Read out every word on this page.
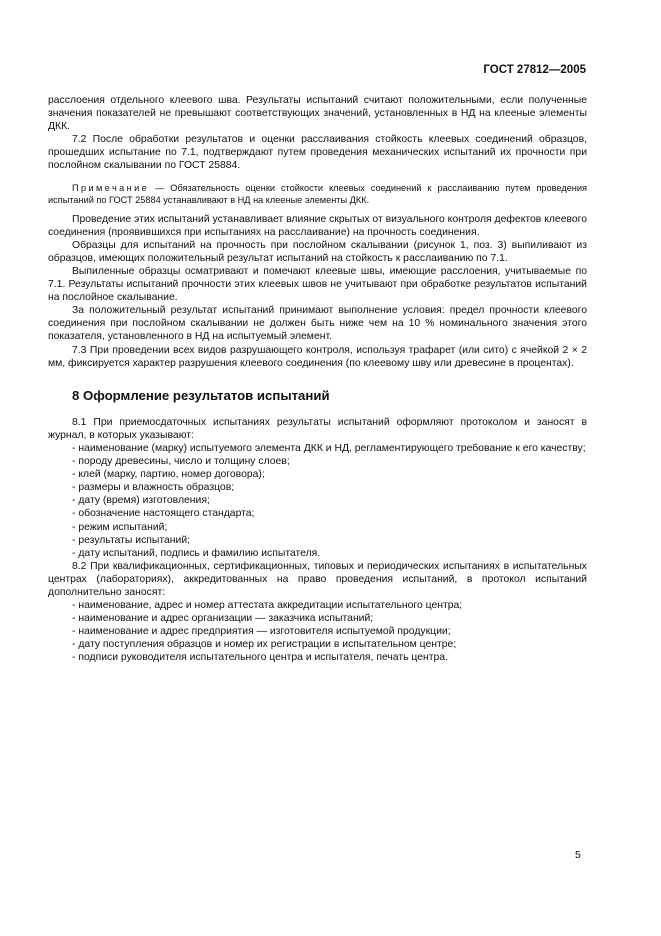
ГОСТ 27812—2005

расслоения отдельного клеевого шва. Результаты испытаний считают положительными, если полученные значения показателей не превышают соответствующих значений, установленных в НД на клееные элементы ДКК.

7.2 После обработки результатов и оценки расслаивания стойкость клеевых соединений образцов, прошедших испытание по 7.1, подтверждают путем проведения механических испытаний их прочности при послойном скалывании по ГОСТ 25884.

Примечание — Обязательность оценки стойкости клеевых соединений к расслаиванию путем проведения испытаний по ГОСТ 25884 устанавливают в НД на клееные элементы ДКК.

Проведение этих испытаний устанавливает влияние скрытых от визуального контроля дефектов клеевого соединения (проявившихся при испытаниях на расслаивание) на прочность соединения.

Образцы для испытаний на прочность при послойном скалывании (рисунок 1, поз. 3) выпиливают из образцов, имеющих положительный результат испытаний на стойкость к расслаиванию по 7.1.

Выпиленные образцы осматривают и помечают клеевые швы, имеющие расслоения, учитываемые по 7.1. Результаты испытаний прочности этих клеевых швов не учитывают при обработке результатов испытаний на послойное скалывание.

За положительный результат испытаний принимают выполнение условия: предел прочности клеевого соединения при послойном скалывании не должен быть ниже чем на 10 % номинального значения этого показателя, установленного в НД на испытуемый элемент.

7.3 При проведении всех видов разрушающего контроля, используя трафарет (или сито) с ячейкой 2 × 2 мм, фиксируется характер разрушения клеевого соединения (по клеевому шву или древесине в процентах).

8 Оформление результатов испытаний

8.1 При приемосдаточных испытаниях результаты испытаний оформляют протоколом и заносят в журнал, в которых указывают:

- наименование (марку) испытуемого элемента ДКК и НД, регламентирующего требование к его качеству;

- породу древесины, число и толщину слоев;

- клей (марку, партию, номер договора);

- размеры и влажность образцов;

- дату (время) изготовления;

- обозначение настоящего стандарта;

- режим испытаний;

- результаты испытаний;

- дату испытаний, подпись и фамилию испытателя.

8.2 При квалификационных, сертификационных, типовых и периодических испытаниях в испытательных центрах (лабораториях), аккредитованных на право проведения испытаний, в протокол испытаний дополнительно заносят:

- наименование, адрес и номер аттестата аккредитации испытательного центра;

- наименование и адрес организации — заказчика испытаний;

- наименование и адрес предприятия — изготовителя испытуемой продукции;

- дату поступления образцов и номер их регистрации в испытательном центре;

- подписи руководителя испытательного центра и испытателя, печать центра.

5
